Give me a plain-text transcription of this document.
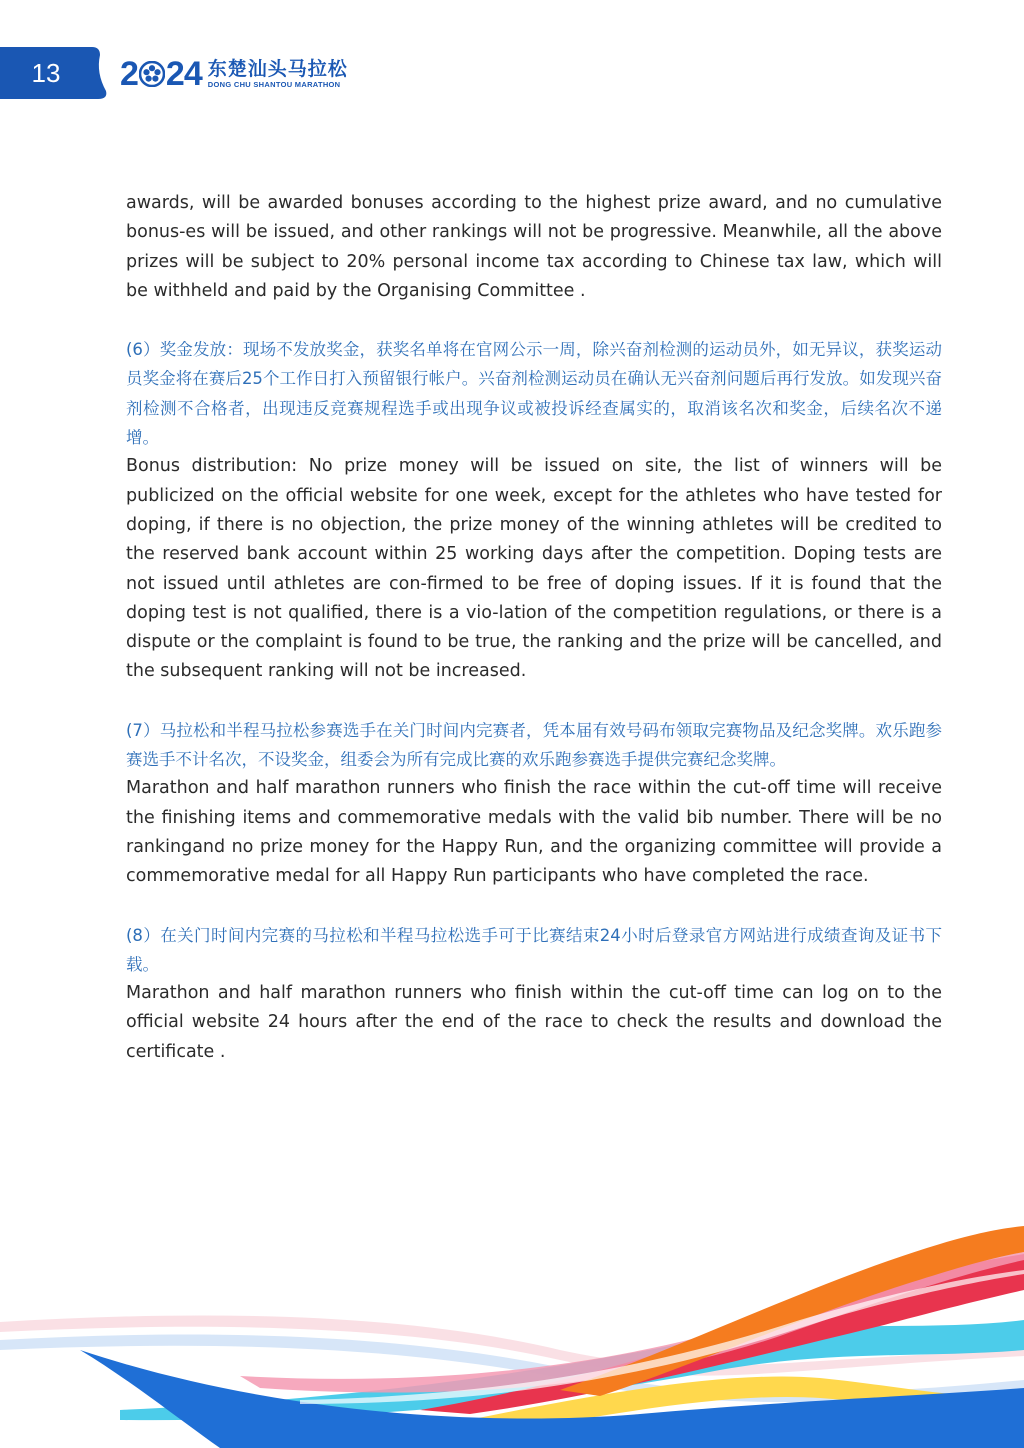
13	2 2 4 东楚汕头马拉松
DONG CHU SHANTOU MARATHON

awards, will be awarded bonuses according to the highest prize award, and no cumulative bonus-es will be issued, and other rankings will not be progressive. Meanwhile, all the above prizes will be subject to 20% personal income tax according to Chinese tax law, which will be withheld and paid by the Organising Committee .

(6）奖金发放：现场不发放奖金，获奖名单将在官网公示一周，除兴奋剂检测的运动员外，如无异议，获奖运动员奖金将在赛后25个工作日打入预留银行帐户。兴奋剂检测运动员在确认无兴奋剂问题后再行发放。如发现兴奋剂检测不合格者，出现违反竞赛规程选手或出现争议或被投诉经查属实的，取消该名次和奖金，后续名次不递增。

Bonus distribution: No prize money will be issued on site, the list of winners will be publicized on the official website for one week, except for the athletes who have tested for doping, if there is no objection, the prize money of the winning athletes will be credited to the reserved bank account within 25 working days after the competition. Doping tests are not issued until athletes are con-firmed to be free of doping issues. If it is found that the doping test is not qualified, there is a vio-lation of the competition regulations, or there is a dispute or the complaint is found to be true, the ranking and the prize will be cancelled, and the subsequent ranking will not be increased.

(7）马拉松和半程马拉松参赛选手在关门时间内完赛者，凭本届有效号码布领取完赛物品及纪念奖牌。欢乐跑参赛选手不计名次，不设奖金，组委会为所有完成比赛的欢乐跑参赛选手提供完赛纪念奖牌。

Marathon and half marathon runners who finish the race within the cut-off time will receive the finishing items and commemorative medals with the valid bib number. There will be no rankingand no prize money for the Happy Run, and the organizing committee will provide a commemorative medal for all Happy Run participants who have completed the race.

(8）在关门时间内完赛的马拉松和半程马拉松选手可于比赛结束24小时后登录官方网站进行成绩查询及证书下载。

Marathon and half marathon runners who finish within the cut-off time can log on to the official website 24 hours after the end of the race to check the results and download the certificate .
